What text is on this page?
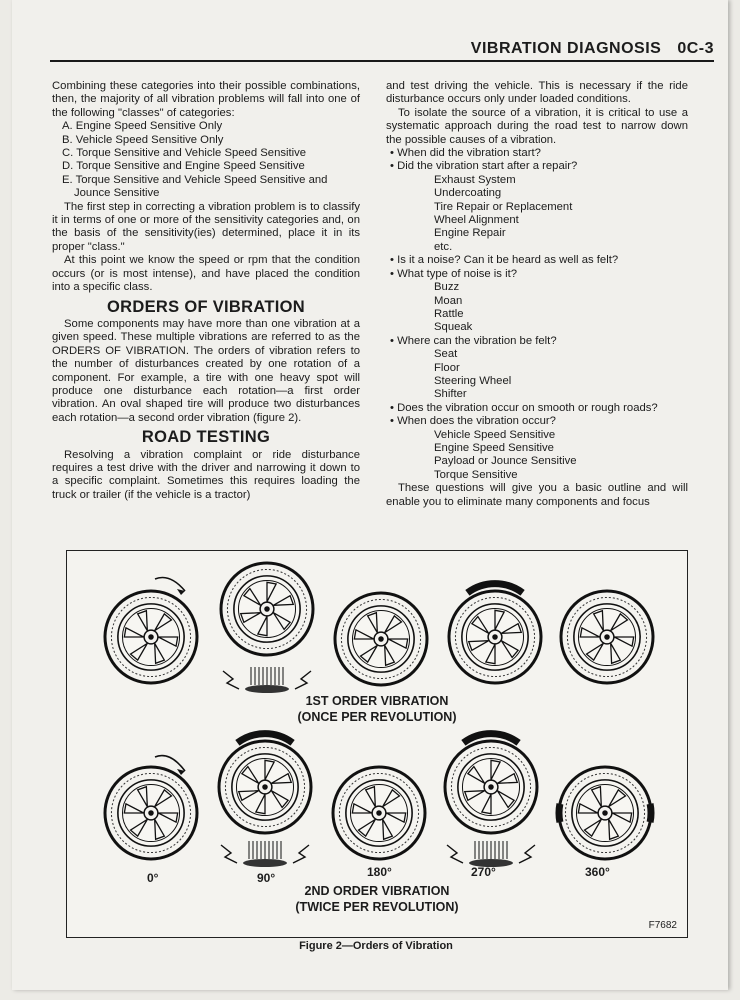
VIBRATION DIAGNOSIS 0C-3

Combining these categories into their possible combinations, then, the majority of all vibration problems will fall into one of the following "classes" of categories:

A. Engine Speed Sensitive Only

B. Vehicle Speed Sensitive Only

C. Torque Sensitive and Vehicle Speed Sensitive

D. Torque Sensitive and Engine Speed Sensitive

E. Torque Sensitive and Vehicle Speed Sensitive and

Jounce Sensitive

The first step in correcting a vibration problem is to classify it in terms of one or more of the sensitivity categories and, on the basis of the sensitivity(ies) determined, place it in its proper "class."

At this point we know the speed or rpm that the condition occurs (or is most intense), and have placed the condition into a specific class.

ORDERS OF VIBRATION

Some components may have more than one vibration at a given speed. These multiple vibrations are referred to as the ORDERS OF VIBRATION. The orders of vibration refers to the number of disturbances created by one rotation of a component. For example, a tire with one heavy spot will produce one disturbance each rotation—a first order vibration. An oval shaped tire will produce two disturbances each rotation—a second order vibration (figure 2).

ROAD TESTING

Resolving a vibration complaint or ride disturbance requires a test drive with the driver and narrowing it down to a specific complaint. Sometimes this requires loading the truck or trailer (if the vehicle is a tractor)

and test driving the vehicle. This is necessary if the ride disturbance occurs only under loaded conditions.

To isolate the source of a vibration, it is critical to use a systematic approach during the road test to narrow down the possible causes of a vibration.

• When did the vibration start?

• Did the vibration start after a repair?

Exhaust System

Undercoating

Tire Repair or Replacement

Wheel Alignment

Engine Repair

etc.

• Is it a noise? Can it be heard as well as felt?

• What type of noise is it?

Buzz

Moan

Rattle

Squeak

• Where can the vibration be felt?

Seat

Floor

Steering Wheel

Shifter

• Does the vibration occur on smooth or rough roads?

• When does the vibration occur?

Vehicle Speed Sensitive

Engine Speed Sensitive

Payload or Jounce Sensitive

Torque Sensitive

These questions will give you a basic outline and will enable you to eliminate many components and focus

1ST ORDER VIBRATION
(ONCE PER REVOLUTION)
0°	90°	180°	270°	360°
2ND ORDER VIBRATION
(TWICE PER REVOLUTION)
F7682
Figure 2—Orders of Vibration
